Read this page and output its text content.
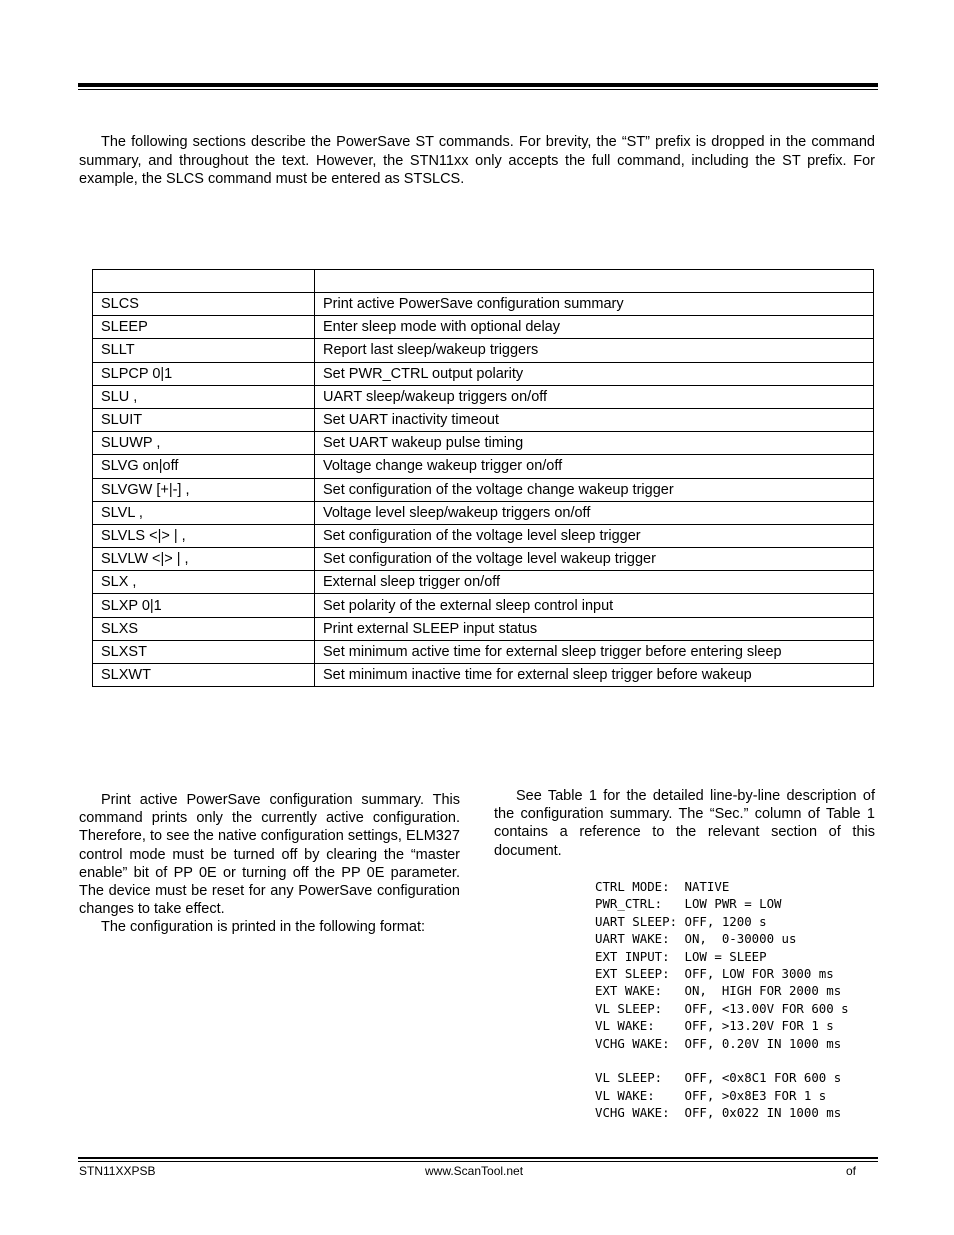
The following sections describe the PowerSave ST commands. For brevity, the “ST” prefix is dropped in the command summary, and throughout the text. However, the STN11xx only accepts the full command, including the ST prefix. For example, the SLCS command must be entered as STSLCS.

SLCS	Print active PowerSave configuration summary
SLEEP	Enter sleep mode with optional delay
SLLT	Report last sleep/wakeup triggers
SLPCP 0|1	Set PWR_CTRL output polarity
SLU ,	UART sleep/wakeup triggers on/off
SLUIT	Set UART inactivity timeout
SLUWP ,	Set UART wakeup pulse timing
SLVG on|off	Voltage change wakeup trigger on/off
SLVGW [+|-] ,	Set configuration of the voltage change wakeup trigger
SLVL ,	Voltage level sleep/wakeup triggers on/off
SLVLS <|> | ,	Set configuration of the voltage level sleep trigger
SLVLW <|> | ,	Set configuration of the voltage level wakeup trigger
SLX ,	External sleep trigger on/off
SLXP 0|1	Set polarity of the external sleep control input
SLXS	Print external SLEEP input status
SLXST	Set minimum active time for external sleep trigger before entering sleep
SLXWT	Set minimum inactive time for external sleep trigger before wakeup

Print active PowerSave configuration summary. This command prints only the currently active configuration. Therefore, to see the native configuration settings, ELM327 control mode must be turned off by clearing the “master enable” bit of PP 0E or turning off the PP 0E parameter. The device must be reset for any PowerSave configuration changes to take effect.

The configuration is printed in the following format:

See Table 1 for the detailed line-by-line description of the configuration summary. The “Sec.” column of Table 1 contains a reference to the relevant section of this document.

CTRL MODE:  NATIVE
PWR_CTRL:   LOW PWR = LOW
UART SLEEP: OFF, 1200 s
UART WAKE:  ON,  0-30000 us
EXT INPUT:  LOW = SLEEP
EXT SLEEP:  OFF, LOW FOR 3000 ms
EXT WAKE:   ON,  HIGH FOR 2000 ms
VL SLEEP:   OFF, <13.00V FOR 600 s
VL WAKE:    OFF, >13.20V FOR 1 s
VCHG WAKE:  OFF, 0.20V IN 1000 ms

VL SLEEP:   OFF, <0x8C1 FOR 600 s
VL WAKE:    OFF, >0x8E3 FOR 1 s
VCHG WAKE:  OFF, 0x022 IN 1000 ms
STN11XXPSB	www.ScanTool.net	of
